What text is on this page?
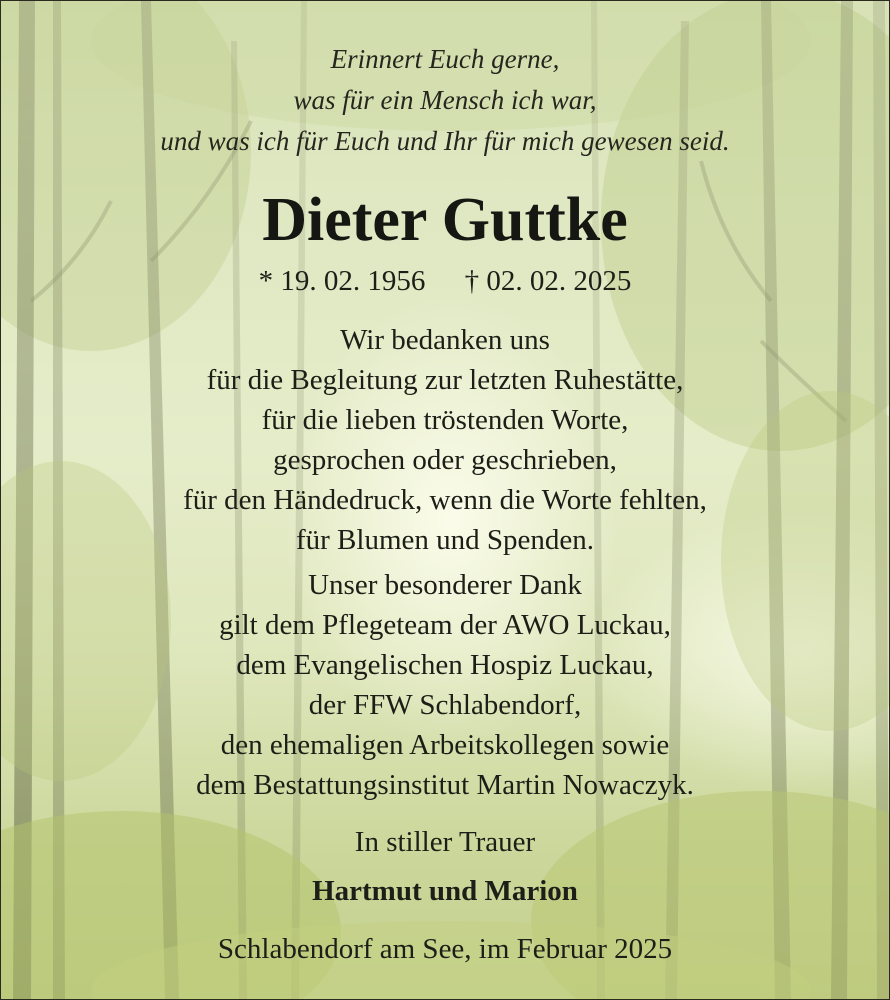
Erinnert Euch gerne,
was für ein Mensch ich war,
und was ich für Euch und Ihr für mich gewesen seid.
Dieter Guttke
* 19. 02. 1956 † 02. 02. 2025
Wir bedanken uns
für die Begleitung zur letzten Ruhestätte,
für die lieben tröstenden Worte,
gesprochen oder geschrieben,
für den Händedruck, wenn die Worte fehlten,
für Blumen und Spenden.
Unser besonderer Dank
gilt dem Pflegeteam der AWO Luckau,
dem Evangelischen Hospiz Luckau,
der FFW Schlabendorf,
den ehemaligen Arbeitskollegen sowie
dem Bestattungsinstitut Martin Nowaczyk.
In stiller Trauer
Hartmut und Marion
Schlabendorf am See, im Februar 2025
